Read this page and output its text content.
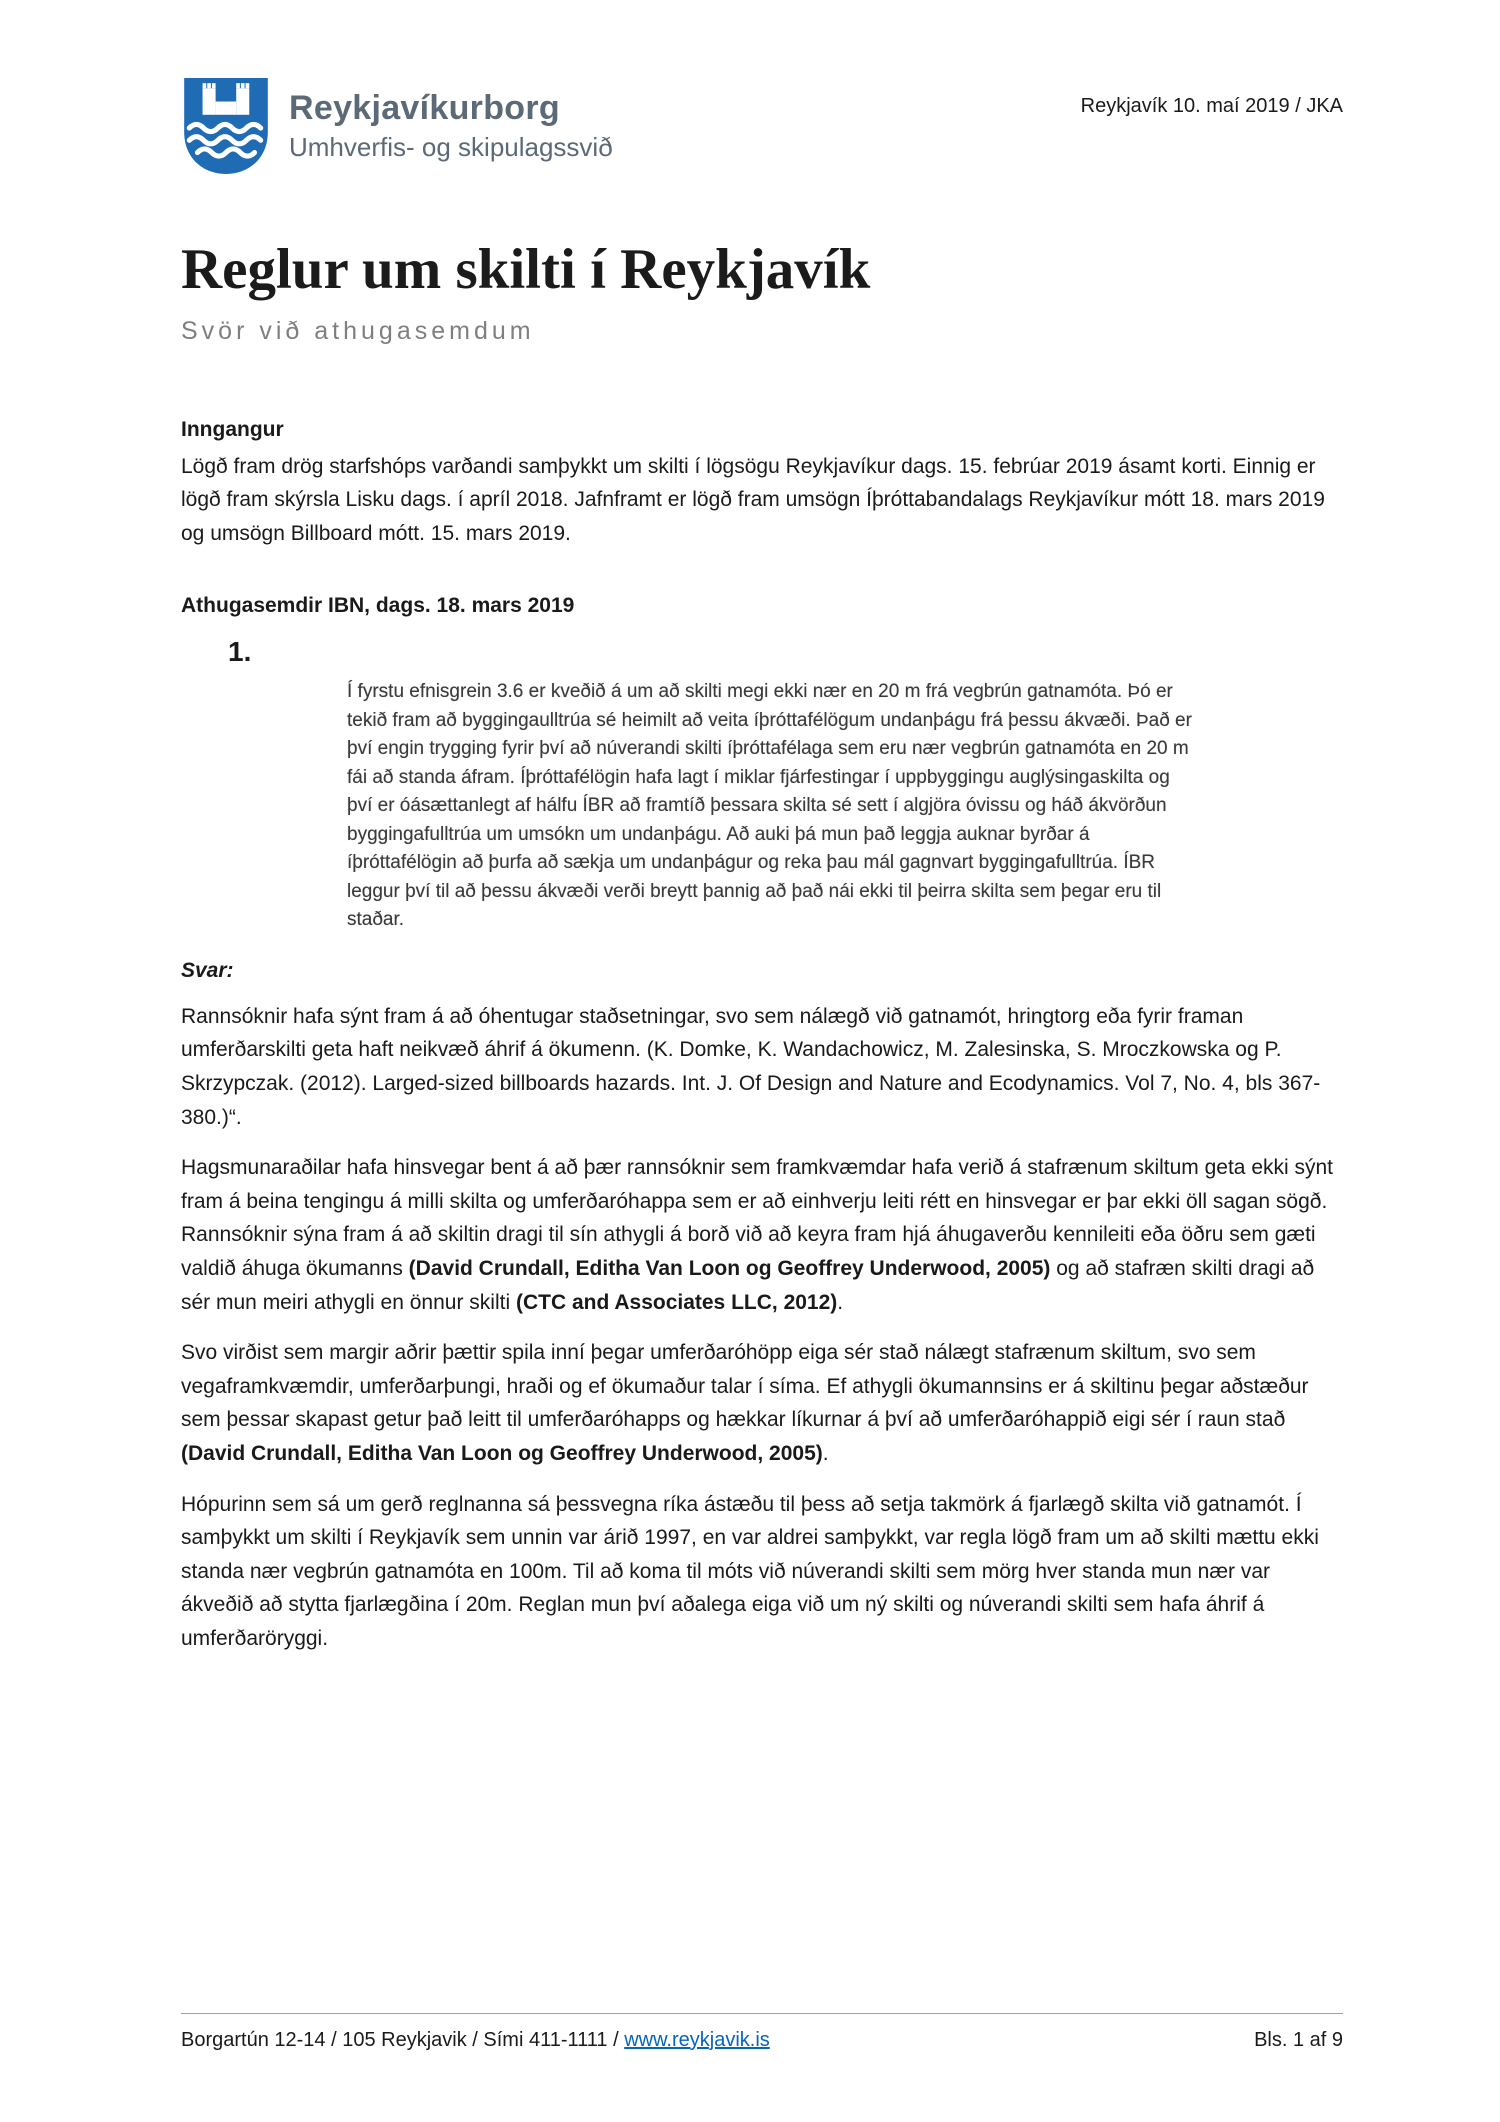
Reykjavíkurborg
Umhverfis- og skipulagssvið
Reykjavík 10. maí 2019 / JKA
Reglur um skilti í Reykjavík
Svör við athugasemdum
Inngangur

Lögð fram drög starfshóps varðandi samþykkt um skilti í lögsögu Reykjavíkur dags. 15. febrúar 2019 ásamt korti. Einnig er lögð fram skýrsla Lisku dags. í apríl 2018. Jafnframt er lögð fram umsögn Íþróttabandalags Reykjavíkur mótt 18. mars 2019 og umsögn Billboard mótt. 15. mars 2019.

Athugasemdir IBN, dags. 18. mars 2019
1.

Í fyrstu efnisgrein 3.6 er kveðið á um að skilti megi ekki nær en 20 m frá vegbrún gatnamóta. Þó er tekið fram að byggingaulltrúa sé heimilt að veita íþróttafélögum undanþágu frá þessu ákvæði. Það er því engin trygging fyrir því að núverandi skilti íþróttafélaga sem eru nær vegbrún gatnamóta en 20 m fái að standa áfram. Íþróttafélögin hafa lagt í miklar fjárfestingar í uppbyggingu auglýsingaskilta og því er óásættanlegt af hálfu ÍBR að framtíð þessara skilta sé sett í algjöra óvissu og háð ákvörðun byggingafulltrúa um umsókn um undanþágu. Að auki þá mun það leggja auknar byrðar á íþróttafélögin að þurfa að sækja um undanþágur og reka þau mál gagnvart byggingafulltrúa. ÍBR leggur því til að þessu ákvæði verði breytt þannig að það nái ekki til þeirra skilta sem þegar eru til staðar.

Svar:

Rannsóknir hafa sýnt fram á að óhentugar staðsetningar, svo sem nálægð við gatnamót, hringtorg eða fyrir framan umferðarskilti geta haft neikvæð áhrif á ökumenn. (K. Domke, K. Wandachowicz, M. Zalesinska, S. Mroczkowska og P. Skrzypczak. (2012). Larged-sized billboards hazards. Int. J. Of Design and Nature and Ecodynamics. Vol 7, No. 4, bls 367-380.)“.

Hagsmunaraðilar hafa hinsvegar bent á að þær rannsóknir sem framkvæmdar hafa verið á stafrænum skiltum geta ekki sýnt fram á beina tengingu á milli skilta og umferðaróhappa sem er að einhverju leiti rétt en hinsvegar er þar ekki öll sagan sögð. Rannsóknir sýna fram á að skiltin dragi til sín athygli á borð við að keyra fram hjá áhugaverðu kennileiti eða öðru sem gæti valdið áhuga ökumanns (David Crundall, Editha Van Loon og Geoffrey Underwood, 2005) og að stafræn skilti dragi að sér mun meiri athygli en önnur skilti (CTC and Associates LLC, 2012).

Svo virðist sem margir aðrir þættir spila inní þegar umferðaróhöpp eiga sér stað nálægt stafrænum skiltum, svo sem vegaframkvæmdir, umferðarþungi, hraði og ef ökumaður talar í síma. Ef athygli ökumannsins er á skiltinu þegar aðstæður sem þessar skapast getur það leitt til umferðaróhapps og hækkar líkurnar á því að umferðaróhappið eigi sér í raun stað (David Crundall, Editha Van Loon og Geoffrey Underwood, 2005).

Hópurinn sem sá um gerð reglnanna sá þessvegna ríka ástæðu til þess að setja takmörk á fjarlægð skilta við gatnamót. Í samþykkt um skilti í Reykjavík sem unnin var árið 1997, en var aldrei samþykkt, var regla lögð fram um að skilti mættu ekki standa nær vegbrún gatnamóta en 100m. Til að koma til móts við núverandi skilti sem mörg hver standa mun nær var ákveðið að stytta fjarlægðina í 20m. Reglan mun því aðalega eiga við um ný skilti og núverandi skilti sem hafa áhrif á umferðaröryggi.

Borgartún 12-14 / 105 Reykjavik / Sími 411-1111 / www.reykjavik.is	Bls. 1 af 9
